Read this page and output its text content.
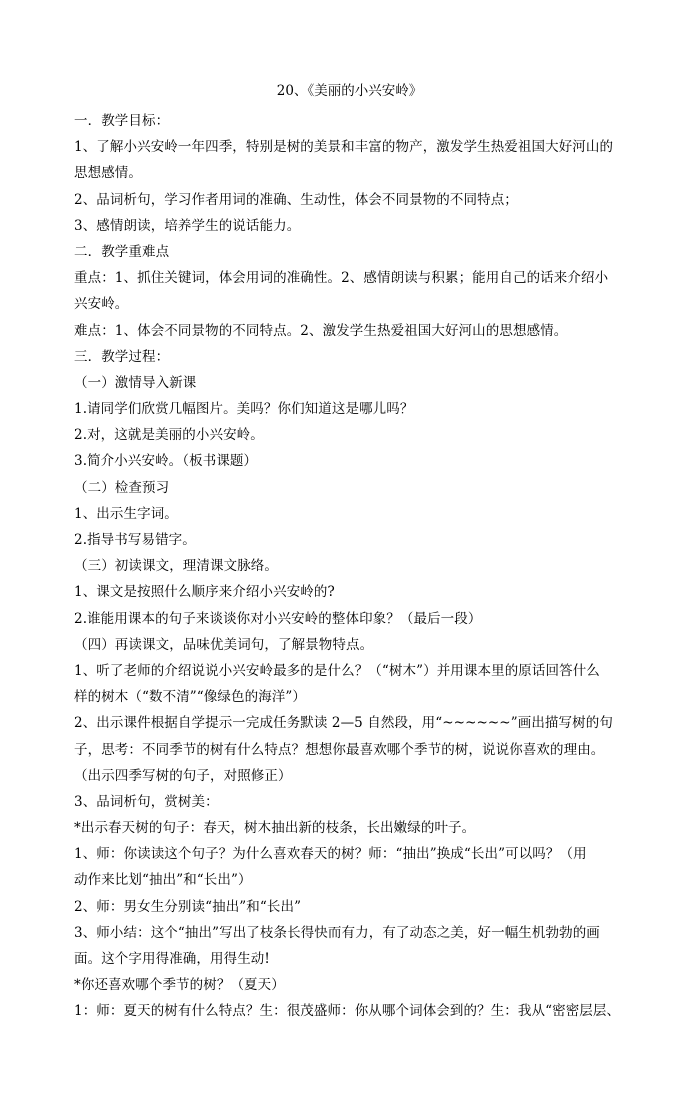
20、《美丽的小兴安岭》
一．教学目标：
1、了解小兴安岭一年四季，特别是树的美景和丰富的物产，激发学生热爱祖国大好河山的
思想感情。
2、品词析句，学习作者用词的准确、生动性，体会不同景物的不同特点；
3、感情朗读，培养学生的说话能力。
二．教学重难点
重点：1、抓住关键词，体会用词的准确性。2、感情朗读与积累；能用自己的话来介绍小
兴安岭。
难点：1、体会不同景物的不同特点。2、激发学生热爱祖国大好河山的思想感情。
三．教学过程：
（一）激情导入新课
1.请同学们欣赏几幅图片。美吗？你们知道这是哪儿吗？
2.对，这就是美丽的小兴安岭。
3.简介小兴安岭。（板书课题）
（二）检查预习
1、出示生字词。
2.指导书写易错字。
（三）初读课文，理清课文脉络。
1、课文是按照什么顺序来介绍小兴安岭的?
2.谁能用课本的句子来谈谈你对小兴安岭的整体印象？（最后一段）
（四）再读课文，品味优美词句，了解景物特点。
1、听了老师的介绍说说小兴安岭最多的是什么？（“树木”）并用课本里的原话回答什么
样的树木（“数不清”“像绿色的海洋”）
2、出示课件根据自学提示一完成任务默读 2—5 自然段，用“~~~~~~”画出描写树的句
子，思考：不同季节的树有什么特点？想想你最喜欢哪个季节的树，说说你喜欢的理由。
（出示四季写树的句子，对照修正）
3、品词析句，赏树美：
*出示春天树的句子：春天，树木抽出新的枝条，长出嫩绿的叶子。
1、师：你读读这个句子？为什么喜欢春天的树？师：“抽出”换成“长出”可以吗？（用
动作来比划“抽出”和“长出”）
2、师：男女生分别读“抽出”和“长出”
3、师小结：这个“抽出”写出了枝条长得快而有力，有了动态之美，好一幅生机勃勃的画
面。这个字用得准确，用得生动!
*你还喜欢哪个季节的树？（夏天）
1：师：夏天的树有什么特点？生：很茂盛师：你从哪个词体会到的？生：我从“密密层层、
